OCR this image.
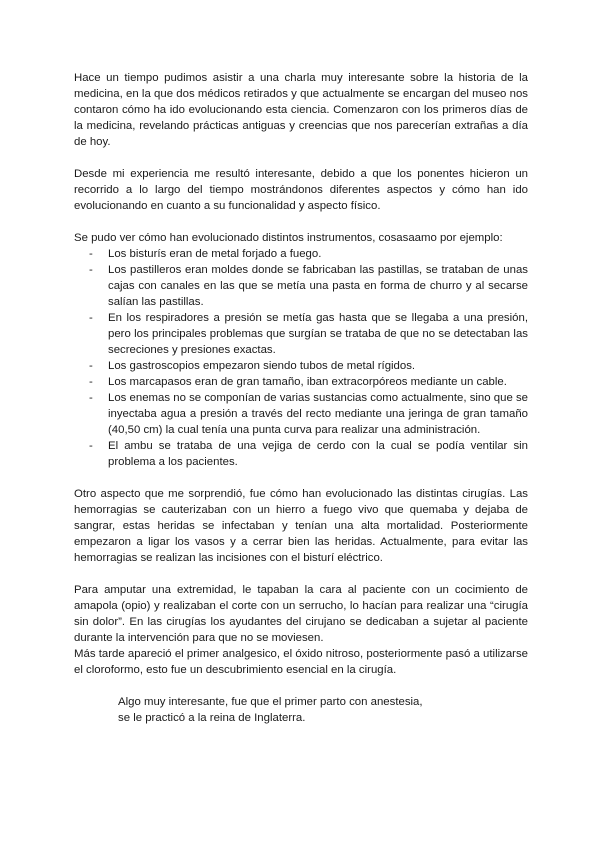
Hace un tiempo pudimos asistir a una charla muy interesante sobre la historia de la medicina, en la que dos médicos retirados y que actualmente se encargan del museo nos contaron cómo ha ido evolucionando esta ciencia. Comenzaron con los primeros días de la medicina, revelando prácticas antiguas y creencias que nos parecerían extrañas a día de hoy.

Desde mi experiencia me resultó interesante, debido a que los ponentes hicieron un recorrido a lo largo del tiempo mostrándonos diferentes aspectos y cómo han ido evolucionando en cuanto a su funcionalidad y aspecto físico.

Se pudo ver cómo han evolucionado distintos instrumentos, cosasaamo por ejemplo:

- Los bisturís eran de metal forjado a fuego.
- Los pastilleros eran moldes donde se fabricaban las pastillas, se trataban de unas cajas con canales en las que se metía una pasta en forma de churro y al secarse salían las pastillas.
- En los respiradores a presión se metía gas hasta que se llegaba a una presión, pero los principales problemas que surgían se trataba de que no se detectaban las secreciones y presiones exactas.
- Los gastroscopios empezaron siendo tubos de metal rígidos.
- Los marcapasos eran de gran tamaño, iban extracorpóreos mediante un cable.
- Los enemas no se componían de varias sustancias como actualmente, sino que se inyectaba agua a presión a través del recto mediante una jeringa de gran tamaño (40,50 cm) la cual tenía una punta curva para realizar una administración.
- El ambu se trataba de una vejiga de cerdo con la cual se podía ventilar sin problema a los pacientes.

Otro aspecto que me sorprendió, fue cómo han evolucionado las distintas cirugías. Las hemorragias se cauterizaban con un hierro a fuego vivo que quemaba y dejaba de sangrar, estas heridas se infectaban y tenían una alta mortalidad. Posteriormente empezaron a ligar los vasos y a cerrar bien las heridas. Actualmente, para evitar las hemorragias se realizan las incisiones con el bisturí eléctrico.

Para amputar una extremidad, le tapaban la cara al paciente con un cocimiento de amapola (opio) y realizaban el corte con un serrucho, lo hacían para realizar una “cirugía sin dolor”. En las cirugías los ayudantes del cirujano se dedicaban a sujetar al paciente durante la intervención para que no se moviesen.

Más tarde apareció el primer analgesico, el óxido nitroso, posteriormente pasó a utilizarse el cloroformo, esto fue un descubrimiento esencial en la cirugía.

Algo muy interesante, fue que el primer parto con anestesia,

se le practicó a la reina de Inglaterra.
